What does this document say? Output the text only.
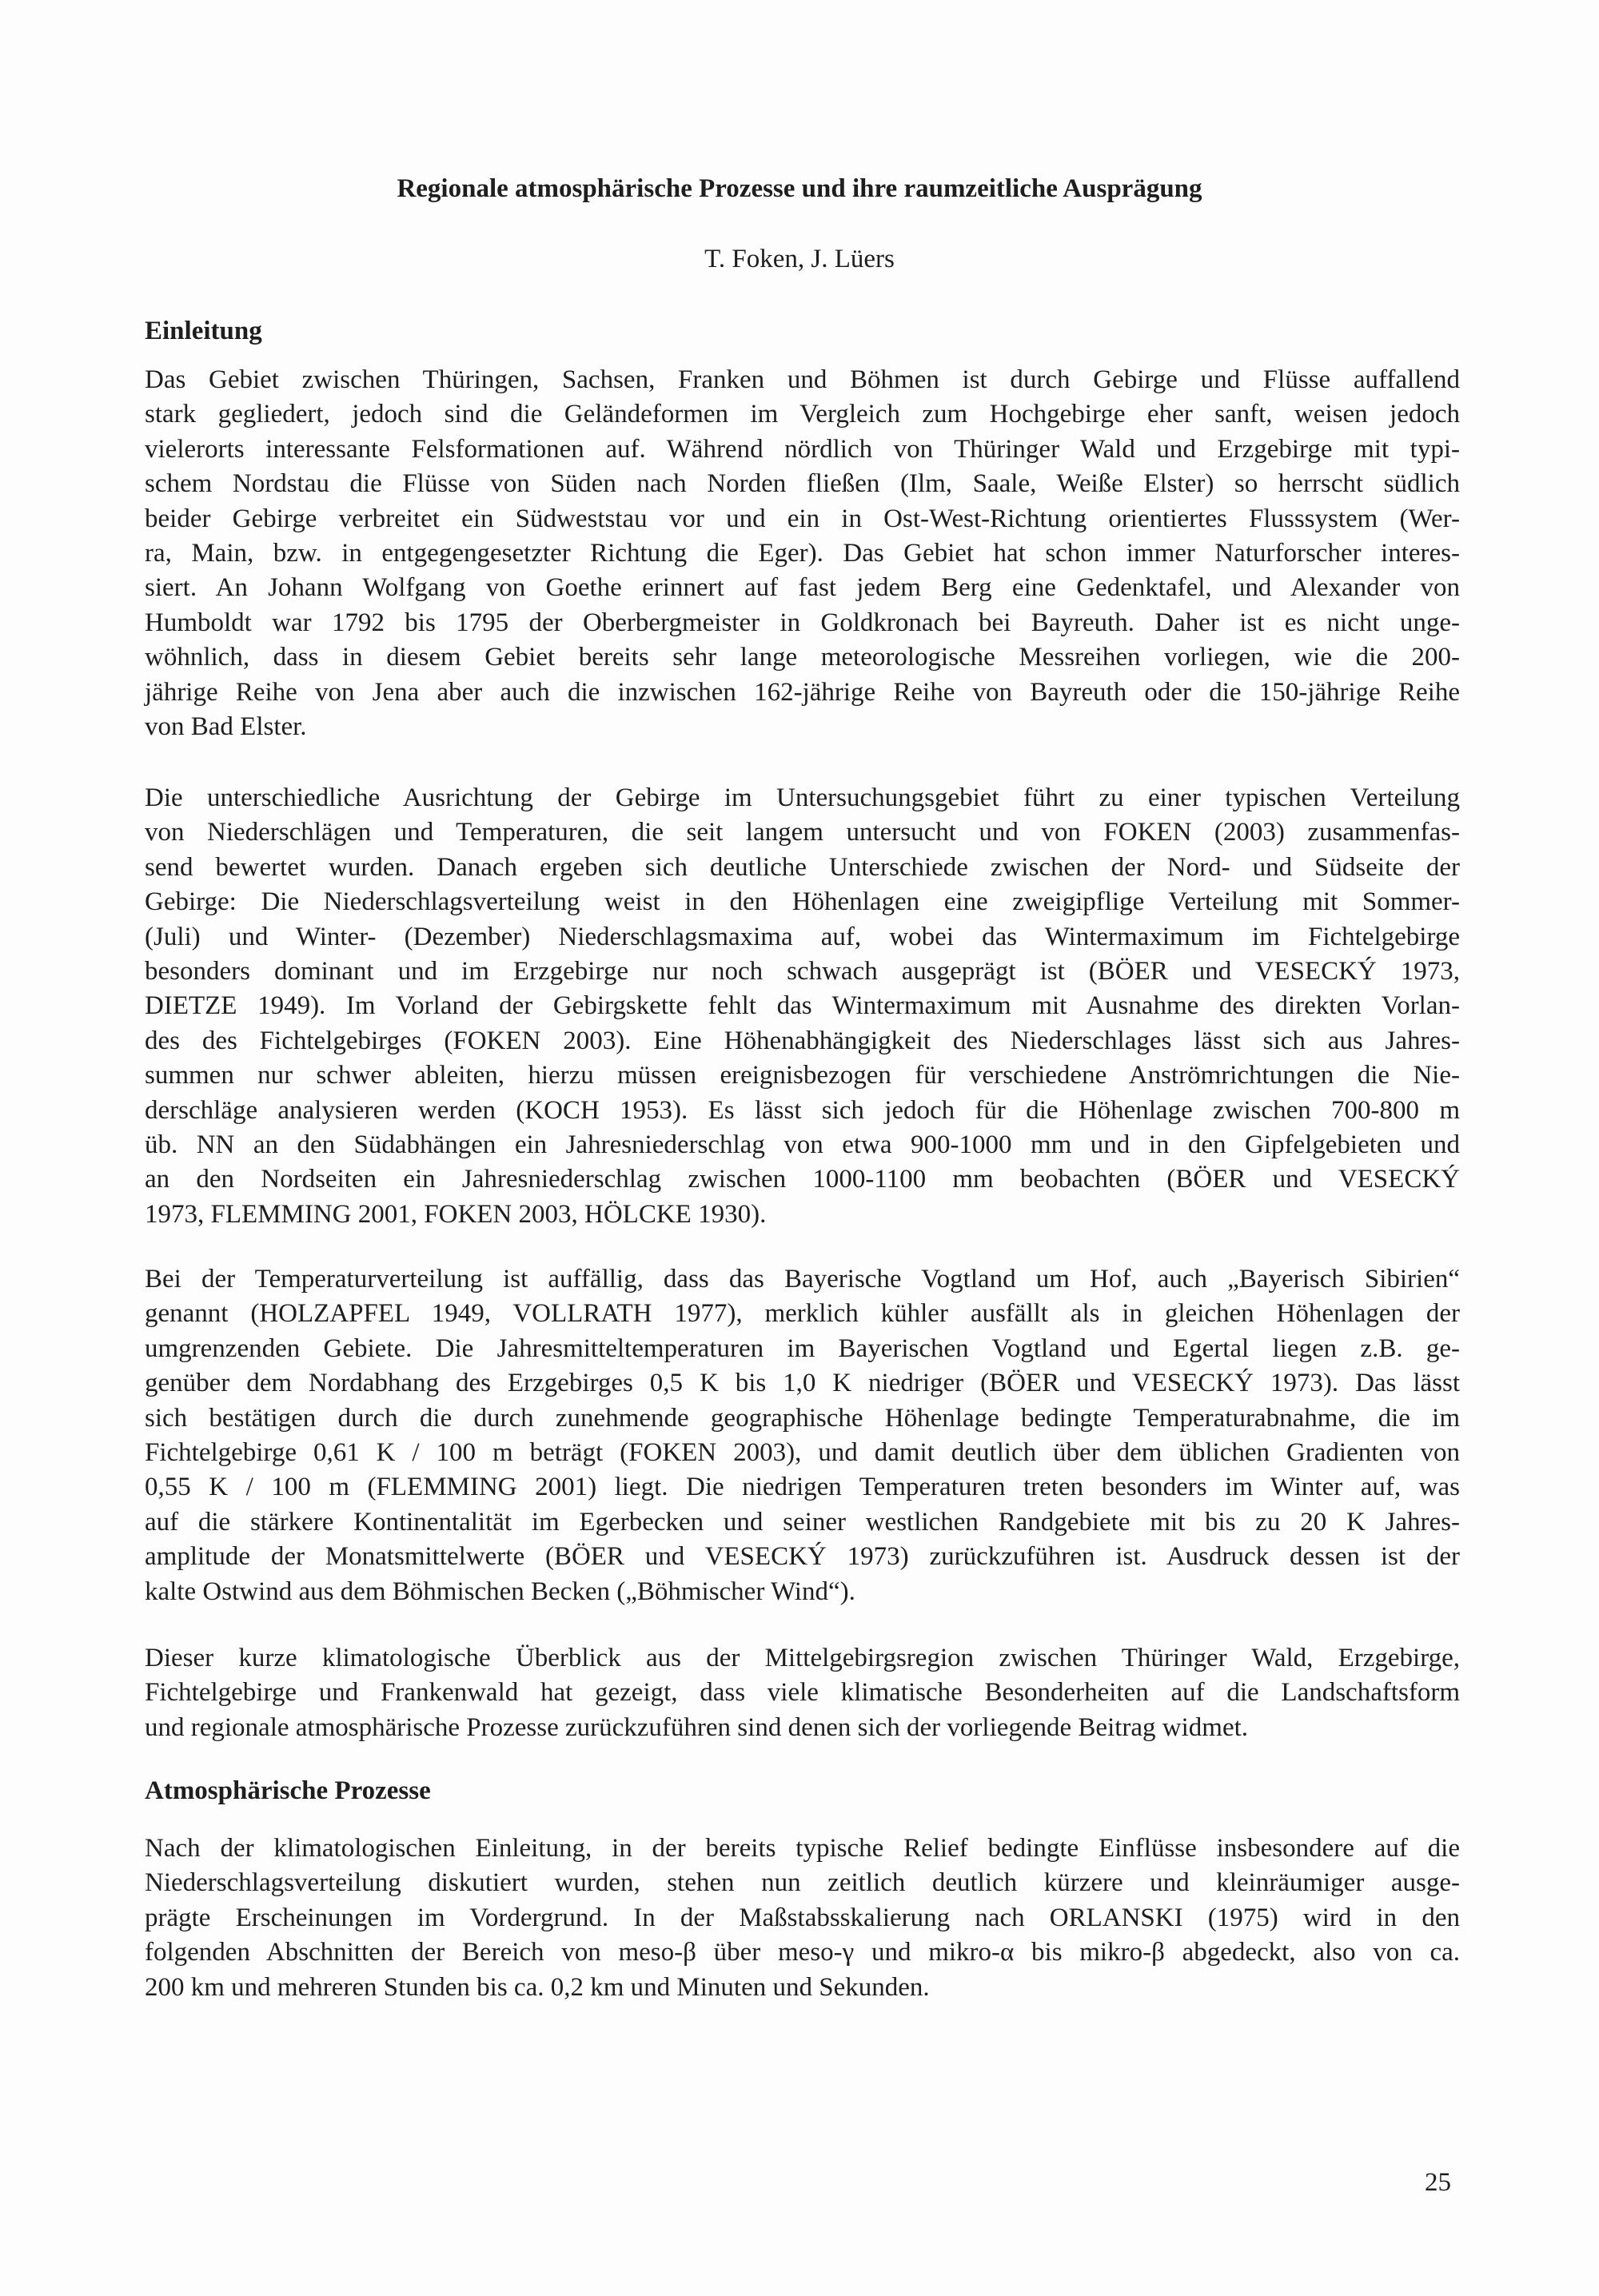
Regionale atmosphärische Prozesse und ihre raumzeitliche Ausprägung
T. Foken, J. Lüers
Einleitung
Das Gebiet zwischen Thüringen, Sachsen, Franken und Böhmen ist durch Gebirge und Flüsse auffallend
stark gegliedert, jedoch sind die Geländeformen im Vergleich zum Hochgebirge eher sanft, weisen jedoch
vielerorts interessante Felsformationen auf. Während nördlich von Thüringer Wald und Erzgebirge mit typi-
schem Nordstau die Flüsse von Süden nach Norden fließen (Ilm, Saale, Weiße Elster) so herrscht südlich
beider Gebirge verbreitet ein Südweststau vor und ein in Ost-West-Richtung orientiertes Flusssystem (Wer-
ra, Main, bzw. in entgegengesetzter Richtung die Eger). Das Gebiet hat schon immer Naturforscher interes-
siert. An Johann Wolfgang von Goethe erinnert auf fast jedem Berg eine Gedenktafel, und Alexander von
Humboldt war 1792 bis 1795 der Oberbergmeister in Goldkronach bei Bayreuth. Daher ist es nicht unge-
wöhnlich, dass in diesem Gebiet bereits sehr lange meteorologische Messreihen vorliegen, wie die 200-
jährige Reihe von Jena aber auch die inzwischen 162-jährige Reihe von Bayreuth oder die 150-jährige Reihe
von Bad Elster.
Die unterschiedliche Ausrichtung der Gebirge im Untersuchungsgebiet führt zu einer typischen Verteilung
von Niederschlägen und Temperaturen, die seit langem untersucht und von FOKEN (2003) zusammenfas-
send bewertet wurden. Danach ergeben sich deutliche Unterschiede zwischen der Nord- und Südseite der
Gebirge: Die Niederschlagsverteilung weist in den Höhenlagen eine zweigipflige Verteilung mit Sommer-
(Juli) und Winter- (Dezember) Niederschlagsmaxima auf, wobei das Wintermaximum im Fichtelgebirge
besonders dominant und im Erzgebirge nur noch schwach ausgeprägt ist (BÖER und VESECKÝ 1973,
DIETZE 1949). Im Vorland der Gebirgskette fehlt das Wintermaximum mit Ausnahme des direkten Vorlan-
des des Fichtelgebirges (FOKEN 2003). Eine Höhenabhängigkeit des Niederschlages lässt sich aus Jahres-
summen nur schwer ableiten, hierzu müssen ereignisbezogen für verschiedene Anströmrichtungen die Nie-
derschläge analysieren werden (KOCH 1953). Es lässt sich jedoch für die Höhenlage zwischen 700-800 m
üb. NN an den Südabhängen ein Jahresniederschlag von etwa 900-1000 mm und in den Gipfelgebieten und
an den Nordseiten ein Jahresniederschlag zwischen 1000-1100 mm beobachten (BÖER und VESECKÝ
1973, FLEMMING 2001, FOKEN 2003, HÖLCKE 1930).
Bei der Temperaturverteilung ist auffällig, dass das Bayerische Vogtland um Hof, auch „Bayerisch Sibirien“
genannt (HOLZAPFEL 1949, VOLLRATH 1977), merklich kühler ausfällt als in gleichen Höhenlagen der
umgrenzenden Gebiete. Die Jahresmitteltemperaturen im Bayerischen Vogtland und Egertal liegen z.B. ge-
genüber dem Nordabhang des Erzgebirges 0,5 K bis 1,0 K niedriger (BÖER und VESECKÝ 1973). Das lässt
sich bestätigen durch die durch zunehmende geographische Höhenlage bedingte Temperaturabnahme, die im
Fichtelgebirge 0,61 K / 100 m beträgt (FOKEN 2003), und damit deutlich über dem üblichen Gradienten von
0,55 K / 100 m (FLEMMING 2001) liegt. Die niedrigen Temperaturen treten besonders im Winter auf, was
auf die stärkere Kontinentalität im Egerbecken und seiner westlichen Randgebiete mit bis zu 20 K Jahres-
amplitude der Monatsmittelwerte (BÖER und VESECKÝ 1973) zurückzuführen ist. Ausdruck dessen ist der
kalte Ostwind aus dem Böhmischen Becken („Böhmischer Wind“).
Dieser kurze klimatologische Überblick aus der Mittelgebirgsregion zwischen Thüringer Wald, Erzgebirge,
Fichtelgebirge und Frankenwald hat gezeigt, dass viele klimatische Besonderheiten auf die Landschaftsform
und regionale atmosphärische Prozesse zurückzuführen sind denen sich der vorliegende Beitrag widmet.
Atmosphärische Prozesse
Nach der klimatologischen Einleitung, in der bereits typische Relief bedingte Einflüsse insbesondere auf die
Niederschlagsverteilung diskutiert wurden, stehen nun zeitlich deutlich kürzere und kleinräumiger ausge-
prägte Erscheinungen im Vordergrund. In der Maßstabsskalierung nach ORLANSKI (1975) wird in den
folgenden Abschnitten der Bereich von meso-β über meso-γ und mikro-α bis mikro-β abgedeckt, also von ca.
200 km und mehreren Stunden bis ca. 0,2 km und Minuten und Sekunden.
25
